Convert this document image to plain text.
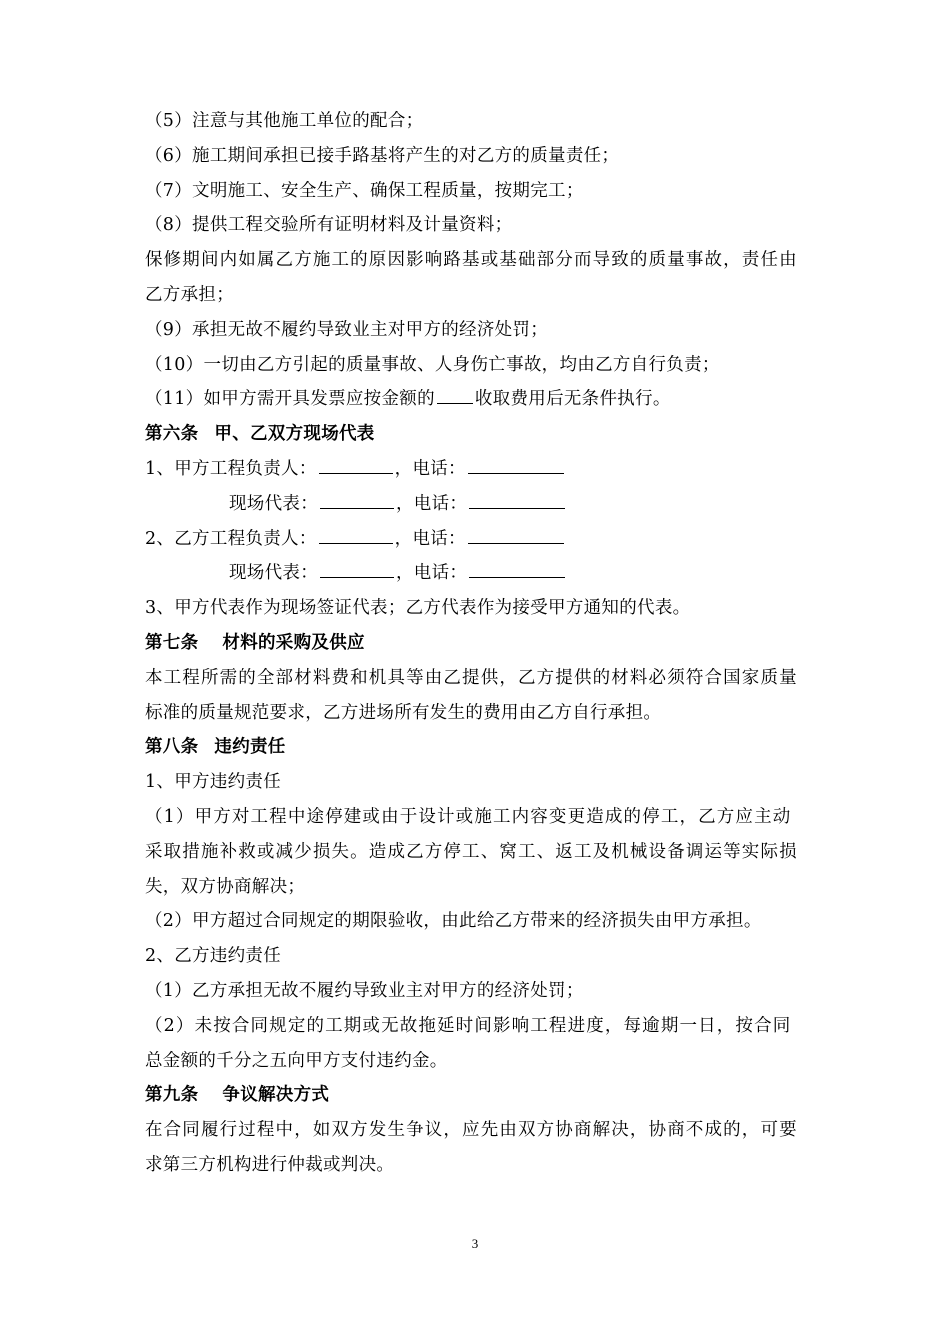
（5）注意与其他施工单位的配合；
（6）施工期间承担已接手路基将产生的对乙方的质量责任；
（7）文明施工、安全生产、确保工程质量，按期完工；
（8）提供工程交验所有证明材料及计量资料；
保修期间内如属乙方施工的原因影响路基或基础部分而导致的质量事故，责任由
乙方承担；
（9）承担无故不履约导致业主对甲方的经济处罚；
（10）一切由乙方引起的质量事故、人身伤亡事故，均由乙方自行负责；
（11）如甲方需开具发票应按金额的 收取费用后无条件执行。
第六条 甲、乙双方现场代表
1、甲方工程负责人：	，电话：
现场代表：	，电话：
2、乙方工程负责人：	，电话：
现场代表：	，电话：
3、甲方代表作为现场签证代表；乙方代表作为接受甲方通知的代表。
第七条 材料的采购及供应
本工程所需的全部材料费和机具等由乙提供，乙方提供的材料必须符合国家质量
标准的质量规范要求，乙方进场所有发生的费用由乙方自行承担。
第八条 违约责任
1、甲方违约责任
（1）甲方对工程中途停建或由于设计或施工内容变更造成的停工，乙方应主动
采取措施补救或减少损失。造成乙方停工、窝工、返工及机械设备调运等实际损
失，双方协商解决；
（2）甲方超过合同规定的期限验收，由此给乙方带来的经济损失由甲方承担。
2、乙方违约责任
（1）乙方承担无故不履约导致业主对甲方的经济处罚；
（2）未按合同规定的工期或无故拖延时间影响工程进度，每逾期一日，按合同
总金额的千分之五向甲方支付违约金。
第九条 争议解决方式
在合同履行过程中，如双方发生争议，应先由双方协商解决，协商不成的，可要
求第三方机构进行仲裁或判决。
3
